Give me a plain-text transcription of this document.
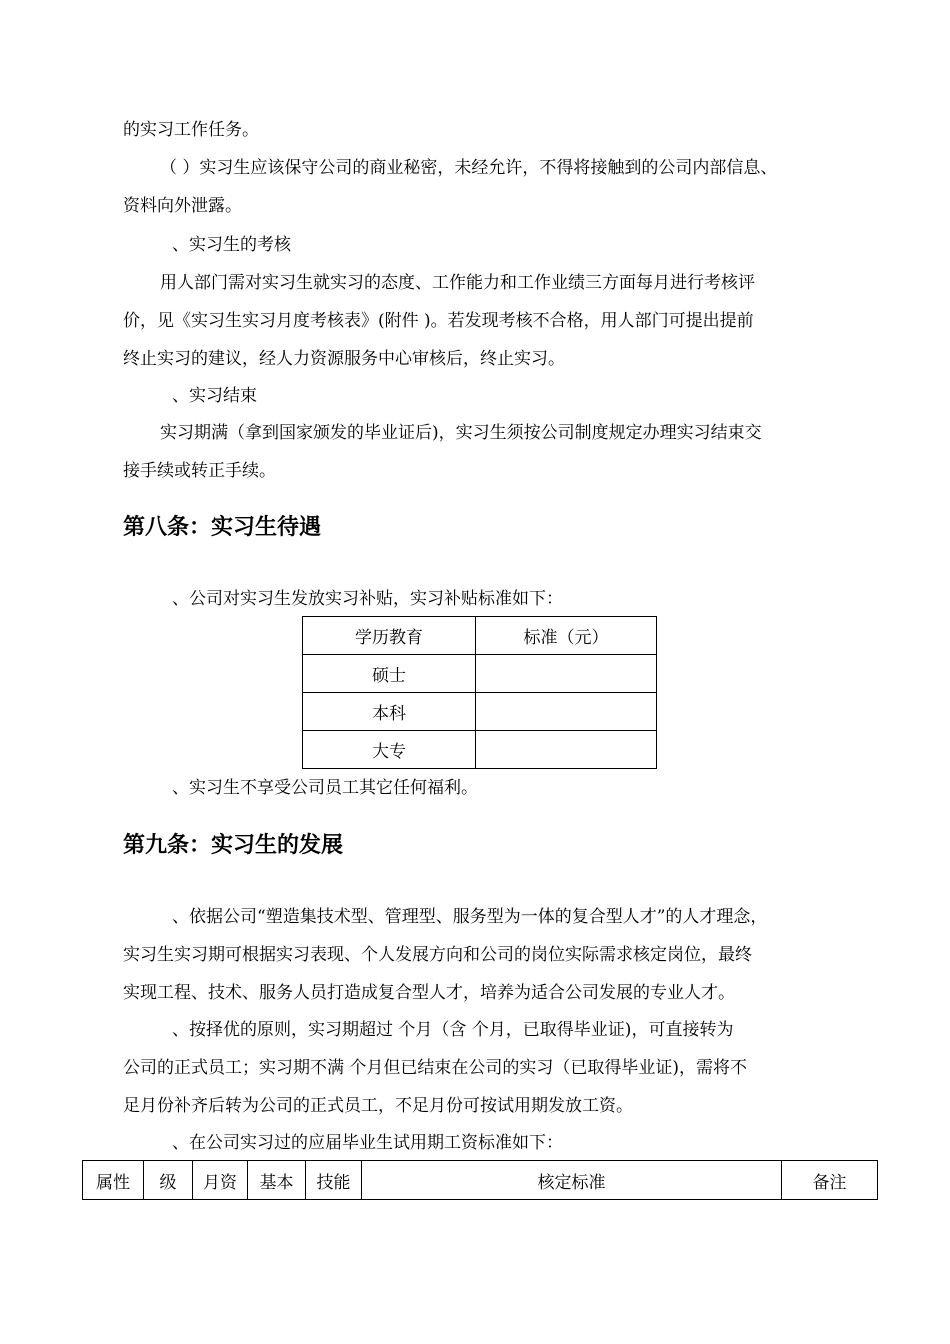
的实习工作任务。
（ ）实习生应该保守公司的商业秘密，未经允许，不得将接触到的公司内部信息、
资料向外泄露。
、实习生的考核
用人部门需对实习生就实习的态度、工作能力和工作业绩三方面每月进行考核评
价，见《实习生实习月度考核表》(附件 )。若发现考核不合格，用人部门可提出提前
终止实习的建议，经人力资源服务中心审核后，终止实习。
、实习结束
实习期满（拿到国家颁发的毕业证后)，实习生须按公司制度规定办理实习结束交
接手续或转正手续。
第八条：实习生待遇
、公司对实习生发放实习补贴，实习补贴标准如下：
学历教育	标准（元）
硕士	
本科	
大专	
、实习生不享受公司员工其它任何福利。
第九条：实习生的发展
、依据公司“塑造集技术型、管理型、服务型为一体的复合型人才”的人才理念，
实习生实习期可根据实习表现、个人发展方向和公司的岗位实际需求核定岗位，最终
实现工程、技术、服务人员打造成复合型人才，培养为适合公司发展的专业人才。
、按择优的原则，实习期超过 个月（含 个月，已取得毕业证)，可直接转为
公司的正式员工；实习期不满 个月但已结束在公司的实习（已取得毕业证)，需将不
足月份补齐后转为公司的正式员工，不足月份可按试用期发放工资。
、在公司实习过的应届毕业生试用期工资标准如下：
属性	级	月资	基本	技能	核定标准	备注
